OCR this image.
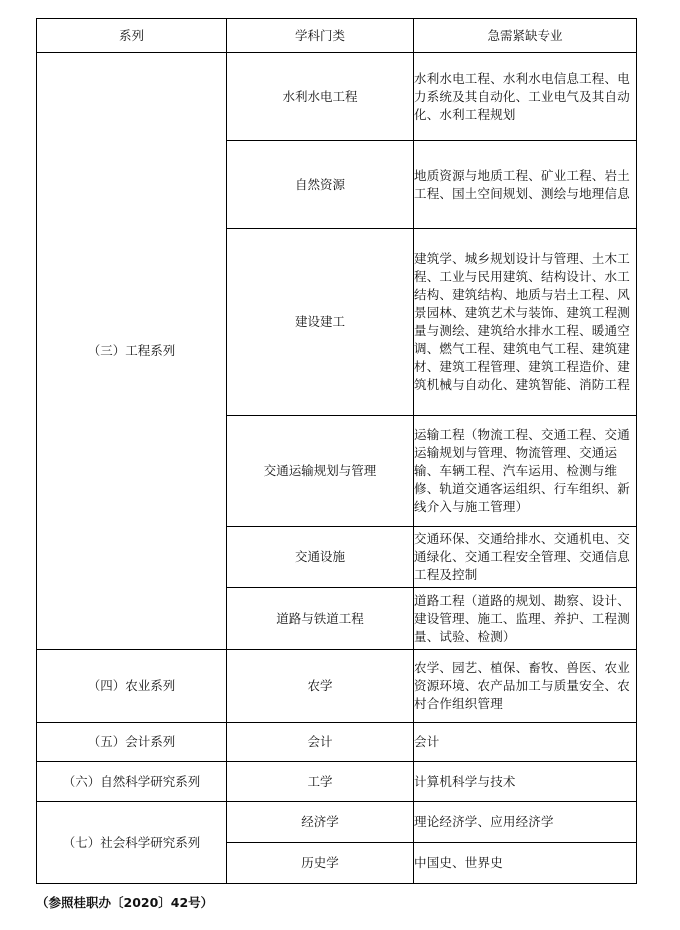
系列	学科门类	急需紧缺专业
（三）工程系列	水利水电工程	水利水电工程、水利水电信息工程、电力系统及其自动化、工业电气及其自动化、水利工程规划
	自然资源	地质资源与地质工程、矿业工程、岩土工程、国土空间规划、测绘与地理信息
	建设建工	建筑学、城乡规划设计与管理、土木工程、工业与民用建筑、结构设计、水工结构、建筑结构、地质与岩土工程、风景园林、建筑艺术与装饰、建筑工程测量与测绘、建筑给水排水工程、暖通空调、燃气工程、建筑电气工程、建筑建材、建筑工程管理、建筑工程造价、建筑机械与自动化、建筑智能、消防工程
	交通运输规划与管理	运输工程（物流工程、交通工程、交通运输规划与管理、物流管理、交通运输、车辆工程、汽车运用、检测与维修、轨道交通客运组织、行车组织、新线介入与施工管理）
	交通设施	交通环保、交通给排水、交通机电、交通绿化、交通工程安全管理、交通信息工程及控制
	道路与铁道工程	道路工程（道路的规划、勘察、设计、建设管理、施工、监理、养护、工程测量、试验、检测）
（四）农业系列	农学	农学、园艺、植保、畜牧、兽医、农业资源环境、农产品加工与质量安全、农村合作组织管理
（五）会计系列	会计	会计
（六）自然科学研究系列	工学	计算机科学与技术
（七）社会科学研究系列	经济学	理论经济学、应用经济学
	历史学	中国史、世界史
（参照桂职办〔2020〕42号）
